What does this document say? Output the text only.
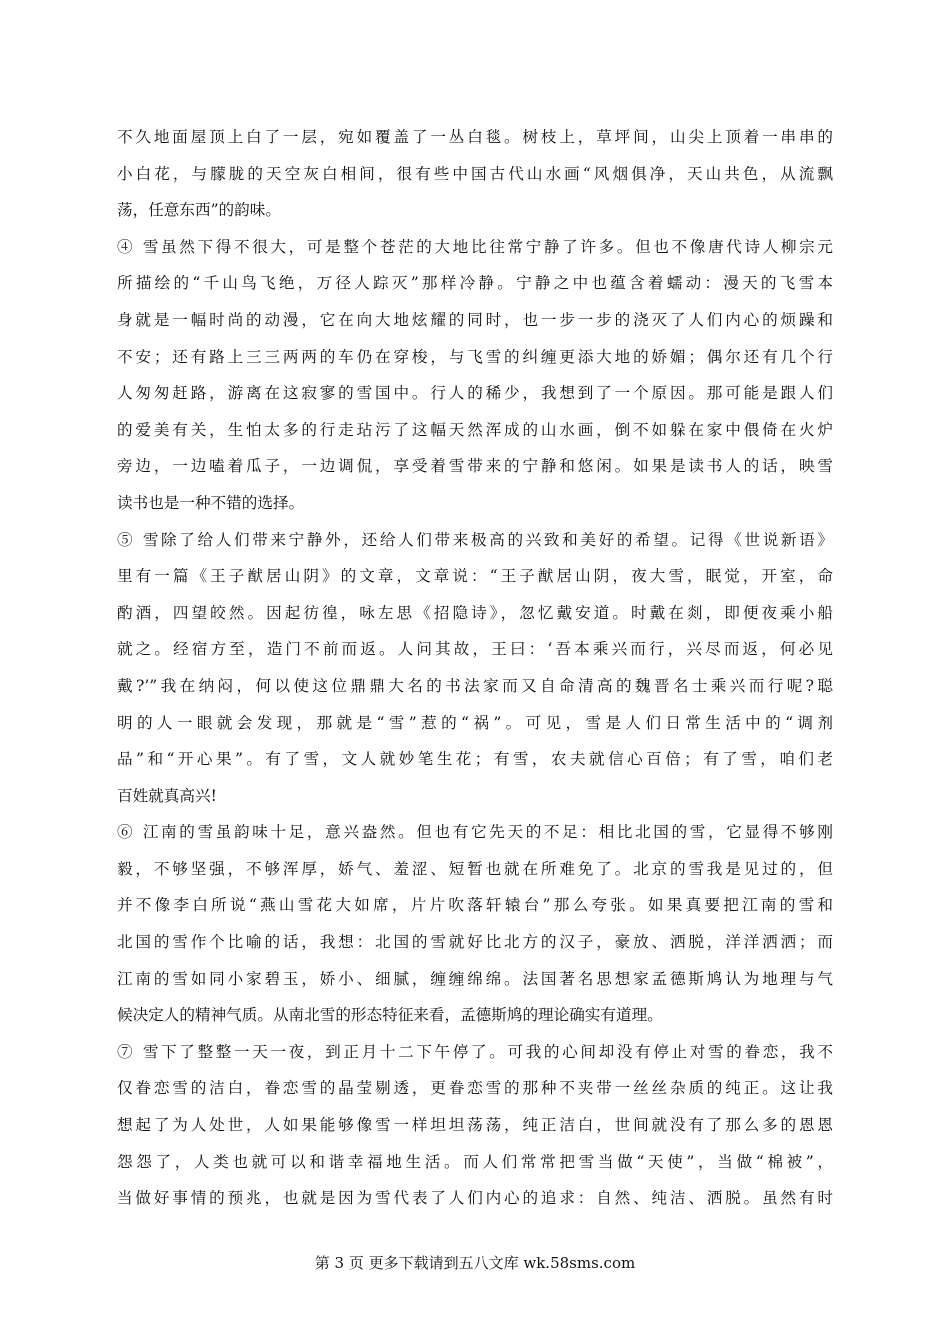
不久地面屋顶上白了一层，宛如覆盖了一丛白毯。树枝上，草坪间，山尖上顶着一串串的
小白花，与朦胧的天空灰白相间，很有些中国古代山水画“风烟俱净，天山共色，从流飘
荡，任意东西”的韵味。
④ 雪虽然下得不很大，可是整个苍茫的大地比往常宁静了许多。但也不像唐代诗人柳宗元
所描绘的“千山鸟飞绝，万径人踪灭”那样冷静。宁静之中也蕴含着蠕动：漫天的飞雪本
身就是一幅时尚的动漫，它在向大地炫耀的同时，也一步一步的浇灭了人们内心的烦躁和
不安；还有路上三三两两的车仍在穿梭，与飞雪的纠缠更添大地的娇媚；偶尔还有几个行
人匆匆赶路，游离在这寂寥的雪国中。行人的稀少，我想到了一个原因。那可能是跟人们
的爱美有关，生怕太多的行走玷污了这幅天然浑成的山水画，倒不如躲在家中偎倚在火炉
旁边，一边嗑着瓜子，一边调侃，享受着雪带来的宁静和悠闲。如果是读书人的话，映雪
读书也是一种不错的选择。
⑤ 雪除了给人们带来宁静外，还给人们带来极高的兴致和美好的希望。记得《世说新语》
里有一篇《王子猷居山阴》的文章，文章说：“王子猷居山阴，夜大雪，眠觉，开室，命
酌酒，四望皎然。因起彷徨，咏左思《招隐诗》，忽忆戴安道。时戴在剡，即便夜乘小船
就之。经宿方至，造门不前而返。人问其故，王曰：‘吾本乘兴而行，兴尽而返，何必见
戴?’”我在纳闷，何以使这位鼎鼎大名的书法家而又自命清高的魏晋名士乘兴而行呢?聪
明的人一眼就会发现，那就是“雪”惹的“祸”。可见，雪是人们日常生活中的“调剂
品”和“开心果”。有了雪，文人就妙笔生花；有雪，农夫就信心百倍；有了雪，咱们老
百姓就真高兴!
⑥ 江南的雪虽韵味十足，意兴盎然。但也有它先天的不足：相比北国的雪，它显得不够刚
毅，不够坚强，不够浑厚，娇气、羞涩、短暂也就在所难免了。北京的雪我是见过的，但
并不像李白所说“燕山雪花大如席，片片吹落轩辕台”那么夸张。如果真要把江南的雪和
北国的雪作个比喻的话，我想：北国的雪就好比北方的汉子，豪放、洒脱，洋洋洒洒；而
江南的雪如同小家碧玉，娇小、细腻，缠缠绵绵。法国著名思想家孟德斯鸠认为地理与气
候决定人的精神气质。从南北雪的形态特征来看，孟德斯鸠的理论确实有道理。
⑦ 雪下了整整一天一夜，到正月十二下午停了。可我的心间却没有停止对雪的眷恋，我不
仅眷恋雪的洁白，眷恋雪的晶莹剔透，更眷恋雪的那种不夹带一丝丝杂质的纯正。这让我
想起了为人处世，人如果能够像雪一样坦坦荡荡，纯正洁白，世间就没有了那么多的恩恩
怨怨了，人类也就可以和谐幸福地生活。而人们常常把雪当做“天使”，当做“棉被”，
当做好事情的预兆，也就是因为雪代表了人们内心的追求：自然、纯洁、洒脱。虽然有时
第 3 页 更多下载请到五八文库 wk.58sms.com
